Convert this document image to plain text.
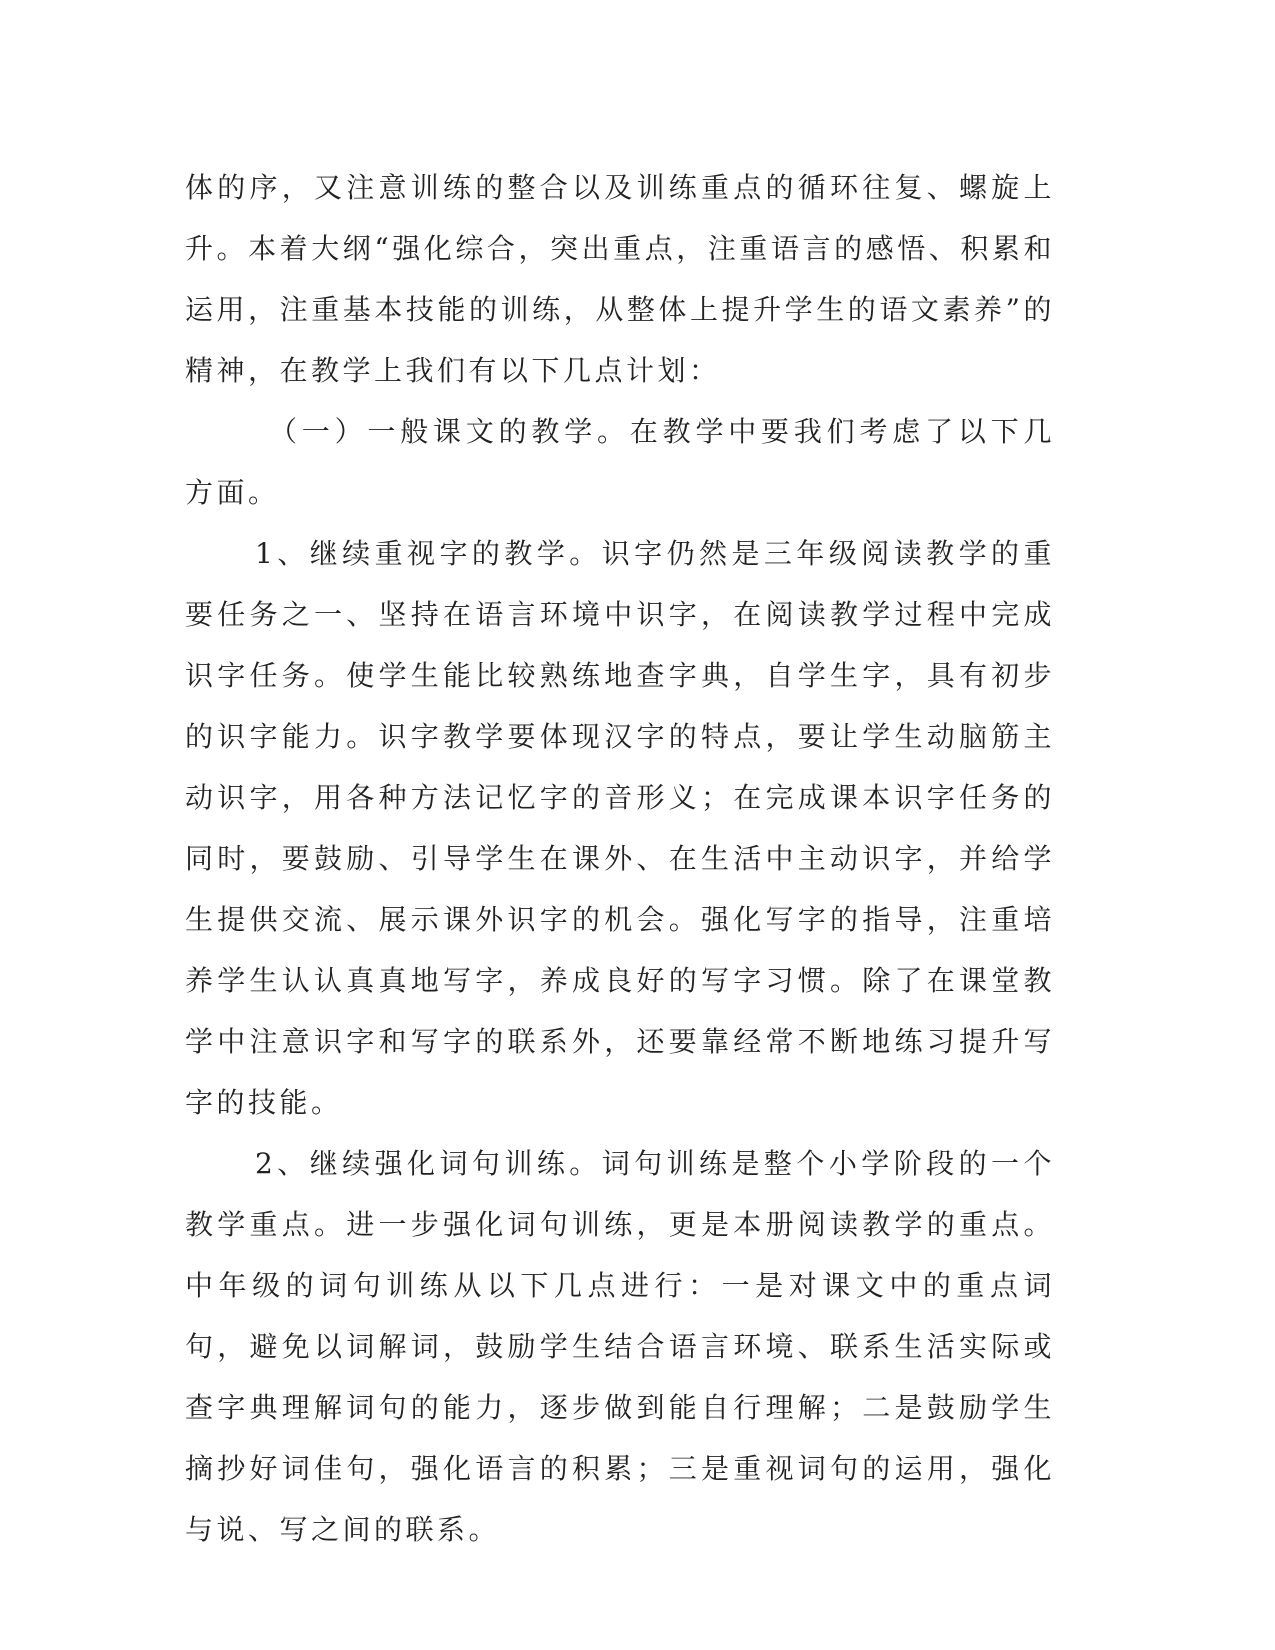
体的序，又注意训练的整合以及训练重点的循环往复、螺旋上升。本着大纲“强化综合，突出重点，注重语言的感悟、积累和运用，注重基本技能的训练，从整体上提升学生的语文素养”的精神，在教学上我们有以下几点计划：

（一）一般课文的教学。在教学中要我们考虑了以下几方面。

1、继续重视字的教学。识字仍然是三年级阅读教学的重要任务之一、坚持在语言环境中识字，在阅读教学过程中完成识字任务。使学生能比较熟练地查字典，自学生字，具有初步的识字能力。识字教学要体现汉字的特点，要让学生动脑筋主动识字，用各种方法记忆字的音形义；在完成课本识字任务的同时，要鼓励、引导学生在课外、在生活中主动识字，并给学生提供交流、展示课外识字的机会。强化写字的指导，注重培养学生认认真真地写字，养成良好的写字习惯。除了在课堂教学中注意识字和写字的联系外，还要靠经常不断地练习提升写字的技能。

2、继续强化词句训练。词句训练是整个小学阶段的一个教学重点。进一步强化词句训练，更是本册阅读教学的重点。中年级的词句训练从以下几点进行：一是对课文中的重点词句，避免以词解词，鼓励学生结合语言环境、联系生活实际或查字典理解词句的能力，逐步做到能自行理解；二是鼓励学生摘抄好词佳句，强化语言的积累；三是重视词句的运用，强化与说、写之间的联系。
